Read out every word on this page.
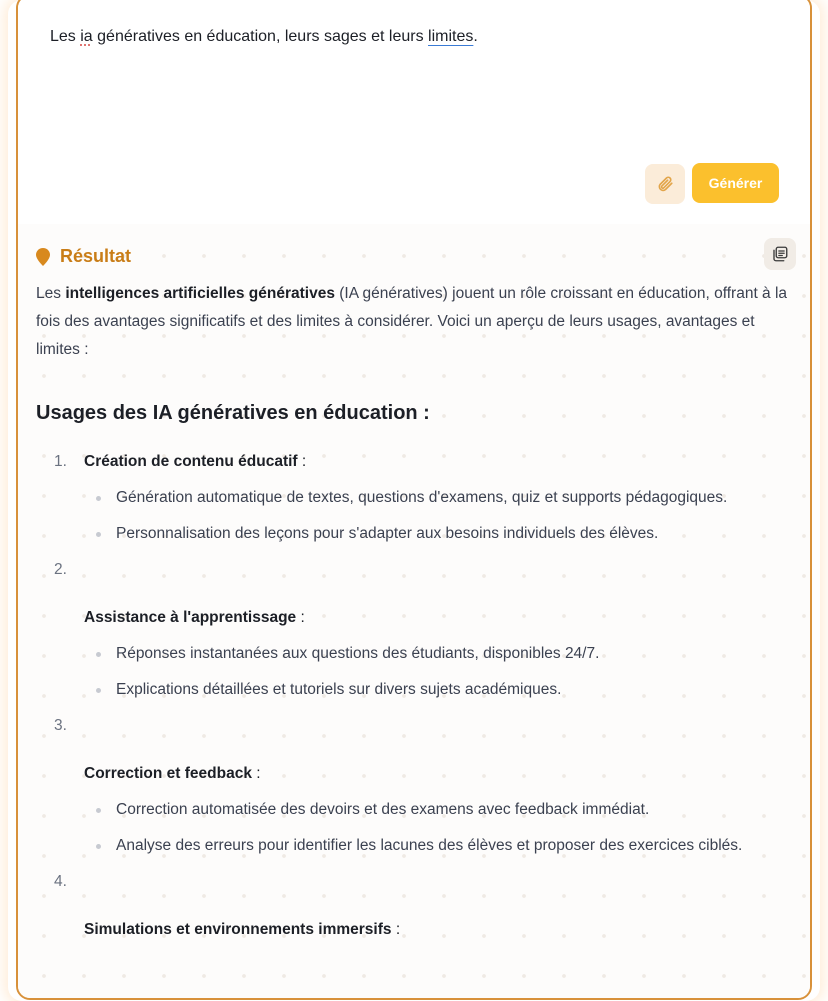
Les ia génératives en éducation, leurs sages et leurs limites.
Générer
Résultat

Les intelligences artificielles génératives (IA génératives) jouent un rôle croissant en éducation, offrant à la fois des avantages significatifs et des limites à considérer. Voici un aperçu de leurs usages, avantages et limites :

Usages des IA génératives en éducation :
1.	Création de contenu éducatif :
Génération automatique de textes, questions d'examens, quiz et supports pédagogiques.
Personnalisation des leçons pour s'adapter aux besoins individuels des élèves.
2.
Assistance à l'apprentissage :
Réponses instantanées aux questions des étudiants, disponibles 24/7.
Explications détaillées et tutoriels sur divers sujets académiques.
3.
Correction et feedback :
Correction automatisée des devoirs et des examens avec feedback immédiat.
Analyse des erreurs pour identifier les lacunes des élèves et proposer des exercices ciblés.
4.
Simulations et environnements immersifs :
